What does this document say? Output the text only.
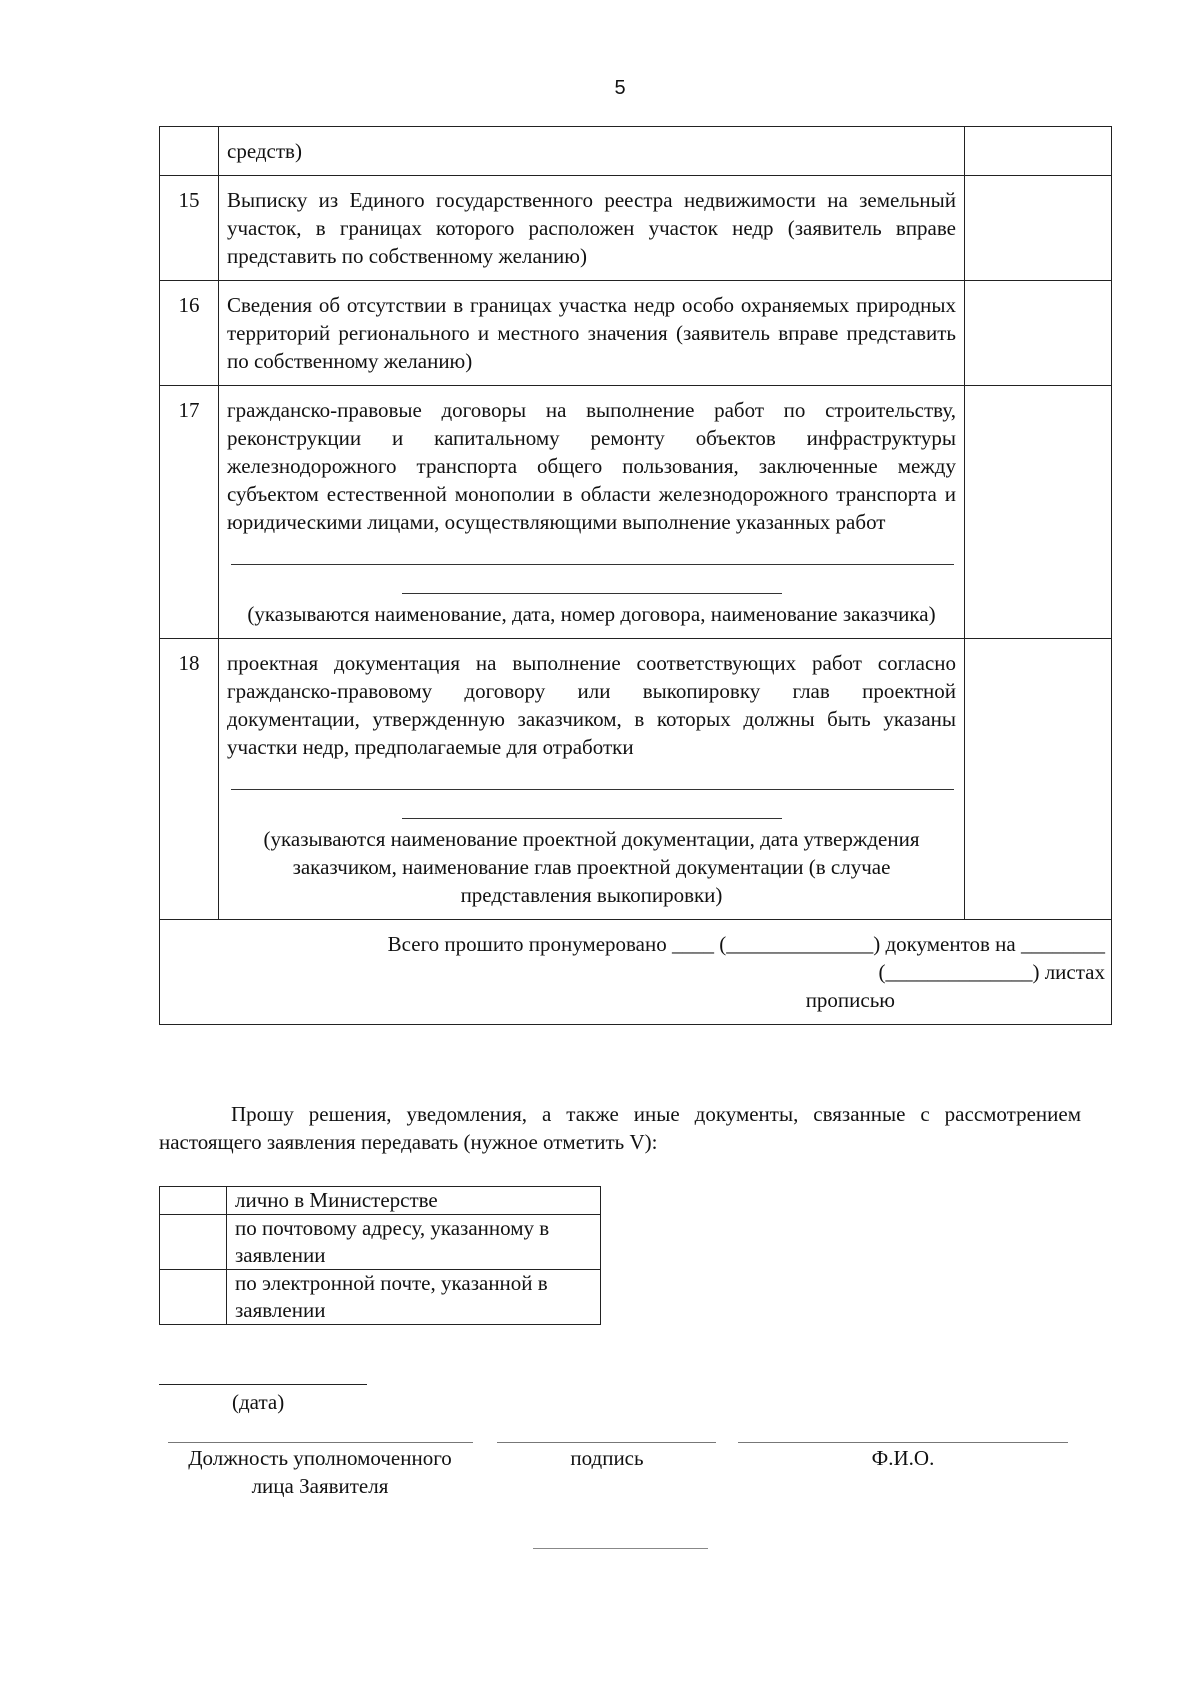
5
	средств)	
15	Выписку из Единого государственного реестра недвижимости на земельный участок, в границах которого расположен участок недр (заявитель вправе представить по собственному желанию)	
16	Сведения об отсутствии в границах участка недр особо охраняемых природных территорий регионального и местного значения (заявитель вправе представить по собственному желанию)	
17	гражданско-правовые договоры на выполнение работ по строительству, реконструкции и капитальному ремонту объектов инфраструктуры железнодорожного транспорта общего пользования, заключенные между субъектом естественной монополии в области железнодорожного транспорта и юридическими лицами, осуществляющими выполнение указанных работ
(указываются наименование, дата, номер договора, наименование заказчика)	

18	проектная документация на выполнение соответствующих работ согласно гражданско-правовому договору или выкопировку глав проектной документации, утвержденную заказчиком, в которых должны быть указаны участки недр, предполагаемые для отработки
(указываются наименование проектной документации, дата утверждения заказчиком, наименование глав проектной документации (в случае представления выкопировки)	

Всего прошито пронумеровано ____ (______________) документов на ________
(______________) листах
прописью		

Прошу решения, уведомления, а также иные документы, связанные с рассмотрением настоящего заявления передавать (нужное отметить V):

	лично в Министерстве
	по почтовому адресу, указанному в заявлении
	по электронной почте, указанной в заявлении
(дата)
Должность уполномоченного лица Заявителя
подпись	Ф.И.О.
